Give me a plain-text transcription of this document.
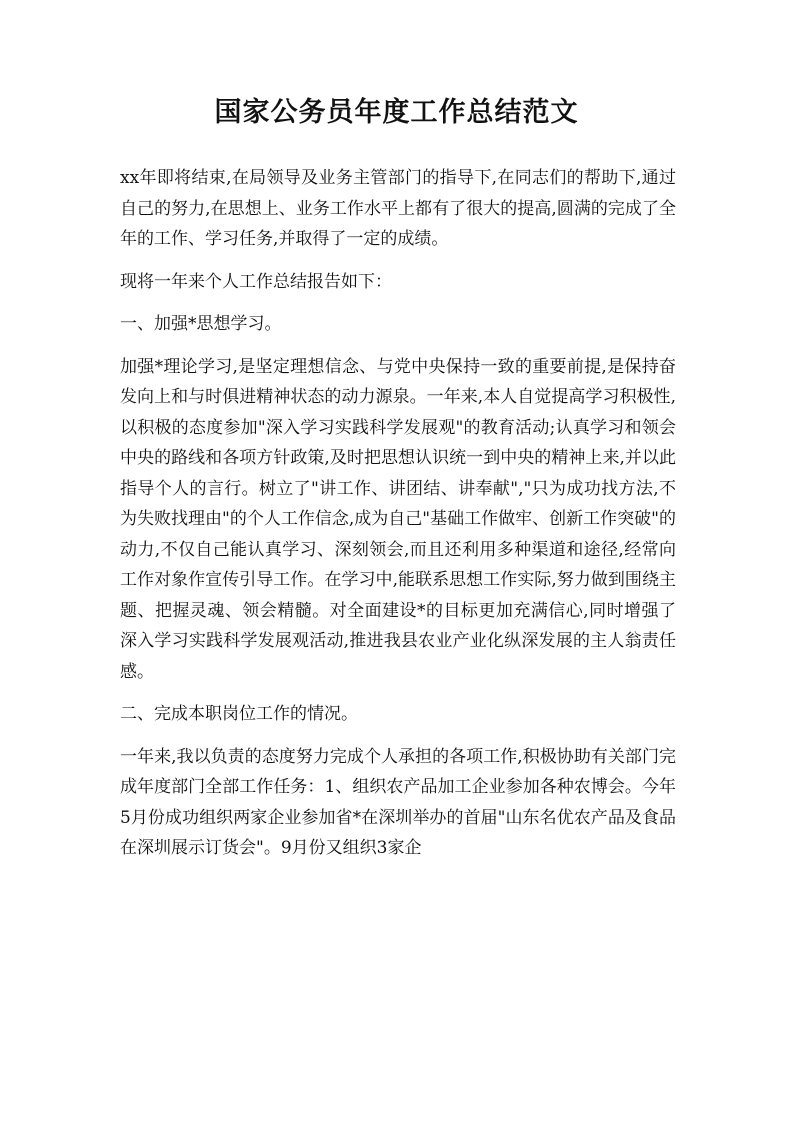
国家公务员年度工作总结范文

xx年即将结束,在局领导及业务主管部门的指导下,在同志们的帮助下,通过自己的努力,在思想上、业务工作水平上都有了很大的提高,圆满的完成了全年的工作、学习任务,并取得了一定的成绩。

现将一年来个人工作总结报告如下：

一、加强*思想学习。

加强*理论学习,是坚定理想信念、与党中央保持一致的重要前提,是保持奋发向上和与时俱进精神状态的动力源泉。一年来,本人自觉提高学习积极性,以积极的态度参加"深入学习实践科学发展观"的教育活动;认真学习和领会中央的路线和各项方针政策,及时把思想认识统一到中央的精神上来,并以此指导个人的言行。树立了"讲工作、讲团结、讲奉献","只为成功找方法,不为失败找理由"的个人工作信念,成为自己"基础工作做牢、创新工作突破"的动力,不仅自己能认真学习、深刻领会,而且还利用多种渠道和途径,经常向工作对象作宣传引导工作。在学习中,能联系思想工作实际,努力做到围绕主题、把握灵魂、领会精髓。对全面建设*的目标更加充满信心,同时增强了深入学习实践科学发展观活动,推进我县农业产业化纵深发展的主人翁责任感。

二、完成本职岗位工作的情况。

一年来,我以负责的态度努力完成个人承担的各项工作,积极协助有关部门完成年度部门全部工作任务：1、组织农产品加工企业参加各种农博会。今年5月份成功组织两家企业参加省*在深圳举办的首届"山东名优农产品及食品在深圳展示订货会"。9月份又组织3家企
